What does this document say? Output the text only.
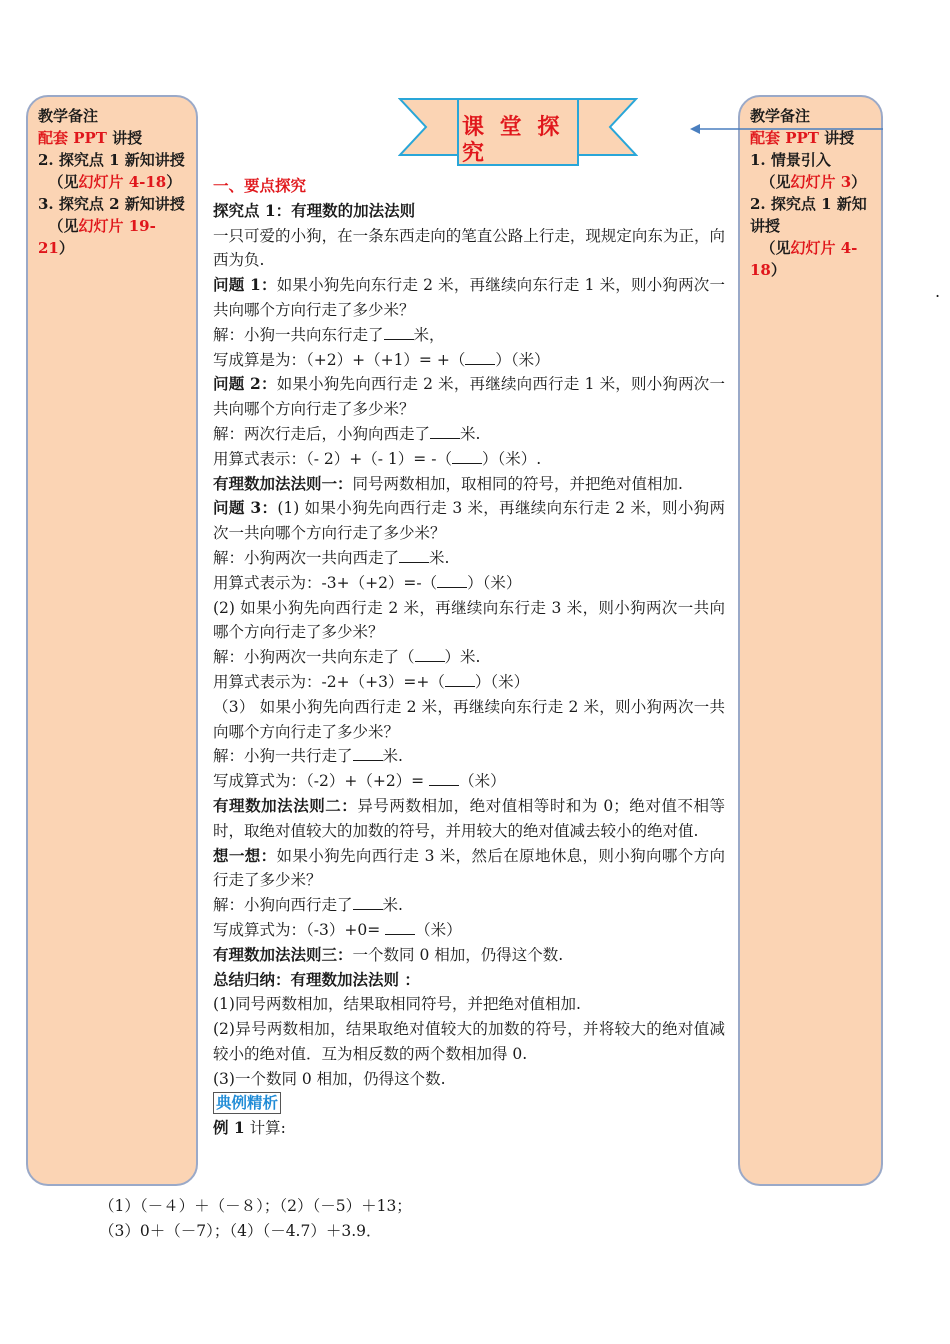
教学备注
配套 PPT 讲授
2. 探究点 1 新知讲授
（见幻灯片 4-18）
3. 探究点 2 新知讲授
（见幻灯片 19-21）
教学备注
配套 PPT 讲授
1. 情景引入
（见幻灯片 3）
2. 探究点 1 新知讲授
（见幻灯片 4-18）
课 堂 探 究
.

一、要点探究

探究点 1：有理数的加法法则

一只可爱的小狗，在一条东西走向的笔直公路上行走，现规定向东为正，向西为负.

问题 1：如果小狗先向东行走 2 米，再继续向东行走 1 米，则小狗两次一共向哪个方向行走了多少米？

解：小狗一共向东行走了 米，

写成算是为：（+2）+（+1）= +（ ）（米）

问题 2：如果小狗先向西行走 2 米，再继续向西行走 1 米，则小狗两次一共向哪个方向行走了多少米？

解：两次行走后，小狗向西走了 米.

用算式表示：（- 2）+（- 1）= -（ ）（米）.

有理数加法法则一：同号两数相加，取相同的符号，并把绝对值相加.

问题 3：(1) 如果小狗先向西行走 3 米，再继续向东行走 2 米，则小狗两次一共向哪个方向行走了多少米？

解：小狗两次一共向西走了 米.

用算式表示为：-3+（+2）=-（ ）（米）

(2) 如果小狗先向西行走 2 米，再继续向东行走 3 米，则小狗两次一共向哪个方向行走了多少米？

解：小狗两次一共向东走了（ ）米.

用算式表示为：-2+（+3）=+（ ）（米）

（3） 如果小狗先向西行走 2 米，再继续向东行走 2 米，则小狗两次一共向哪个方向行走了多少米？

解：小狗一共行走了 米.

写成算式为：（-2）+（+2）= （米）

有理数加法法则二：异号两数相加，绝对值相等时和为 0；绝对值不相等时，取绝对值较大的加数的符号，并用较大的绝对值减去较小的绝对值.

想一想：如果小狗先向西行走 3 米，然后在原地休息，则小狗向哪个方向行走了多少米？

解：小狗向西行走了 米.

写成算式为：（-3）+0= （米）

有理数加法法则三：一个数同 0 相加，仍得这个数.

总结归纳：有理数加法法则 ：

(1)同号两数相加，结果取相同符号，并把绝对值相加.

(2)异号两数相加，结果取绝对值较大的加数的符号，并将较大的绝对值减较小的绝对值．互为相反数的两个数相加得 0.

(3)一个数同 0 相加，仍得这个数.

典例精析

例 1 计算:

（1）（－４）＋（－８）；（2）（－5）＋13；

（3）0＋（－7）；（4）（－4.7）＋3.9．
